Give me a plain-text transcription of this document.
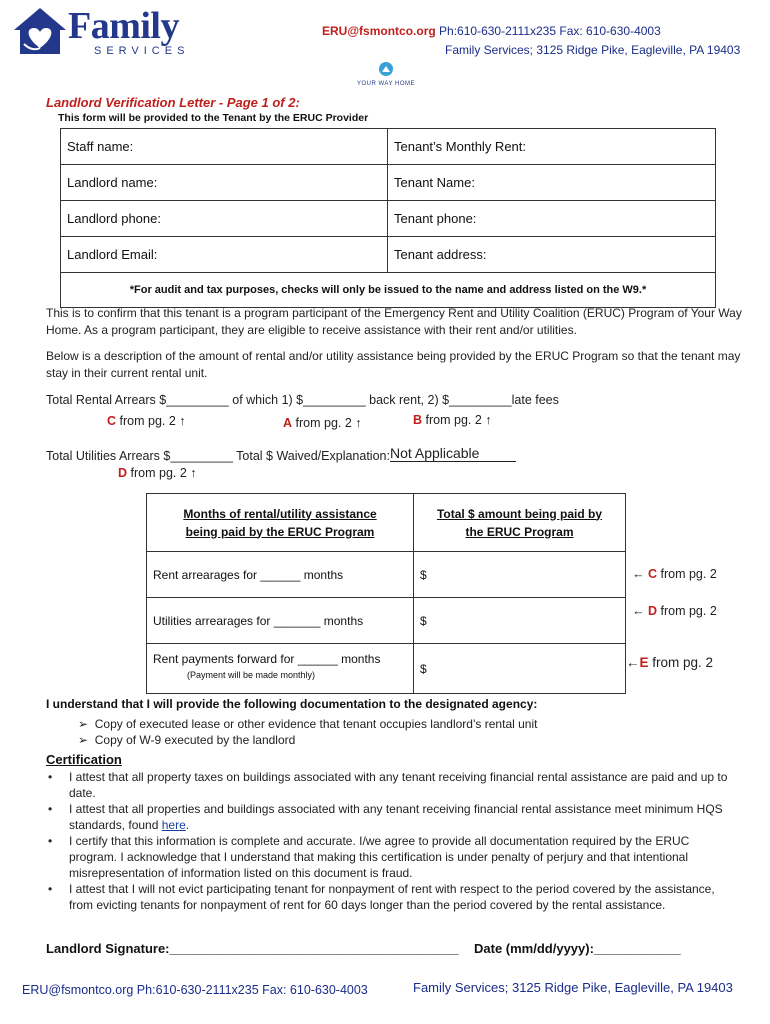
Family
SERVICES
ERU@fsmontco.org Ph:610-630-2111x235 Fax: 610-630-4003
Family Services; 3125 Ridge Pike, Eagleville, PA 19403
YOUR WAY HOME
Landlord Verification Letter - Page 1 of 2:
This form will be provided to the Tenant by the ERUC Provider
Staff name:	Tenant’s Monthly Rent:
Landlord name:	Tenant Name:
Landlord phone:	Tenant phone:
Landlord Email:	Tenant address:
*For audit and tax purposes, checks will only be issued to the name and address listed on the W9.*	
This is to confirm that this tenant is a program participant of the Emergency Rent and Utility Coalition (ERUC) Program of Your Way Home. As a program participant, they are eligible to receive assistance with their rent and/or utilities.
Below is a description of the amount of rental and/or utility assistance being provided by the ERUC Program so that the tenant may stay in their current rental unit.
Total Rental Arrears $_________ of which 1) $_________ back rent, 2) $_________late fees
C from pg. 2 ↑	A from pg. 2 ↑	B from pg. 2 ↑
Total Utilities Arrears $_________ Total $ Waived/Explanation:Not Applicable
D from pg. 2 ↑
Months of rental/utility assistance being paid by the ERUC Program	Total $ amount being paid by the ERUC Program

Rent arrearages for ______ months	$
Utilities arrearages for _______ months	$

Rent payments forward for ______ months
(Payment will be made monthly)	$
← C from pg. 2
← D from pg. 2
←E from pg. 2
I understand that I will provide the following documentation to the designated agency:
➢ Copy of executed lease or other evidence that tenant occupies landlord’s rental unit
➢ Copy of W-9 executed by the landlord
Certification
•	I attest that all property taxes on buildings associated with any tenant receiving financial rental assistance are paid and up to date.
•	I attest that all properties and buildings associated with any tenant receiving financial rental assistance meet minimum HQS standards, found here.
•	I certify that this information is complete and accurate. I/we agree to provide all documentation required by the ERUC program. I acknowledge that I understand that making this certification is under penalty of perjury and that intentional misrepresentation of information listed on this document is fraud.
•	I attest that I will not evict participating tenant for nonpayment of rent with respect to the period covered by the assistance, from evicting tenants for nonpayment of rent for 60 days longer than the period covered by the rental assistance.
Landlord Signature:________________________________________ Date (mm/dd/yyyy):____________
ERU@fsmontco.org Ph:610-630-2111x235 Fax: 610-630-4003	Family Services; 3125 Ridge Pike, Eagleville, PA 19403
